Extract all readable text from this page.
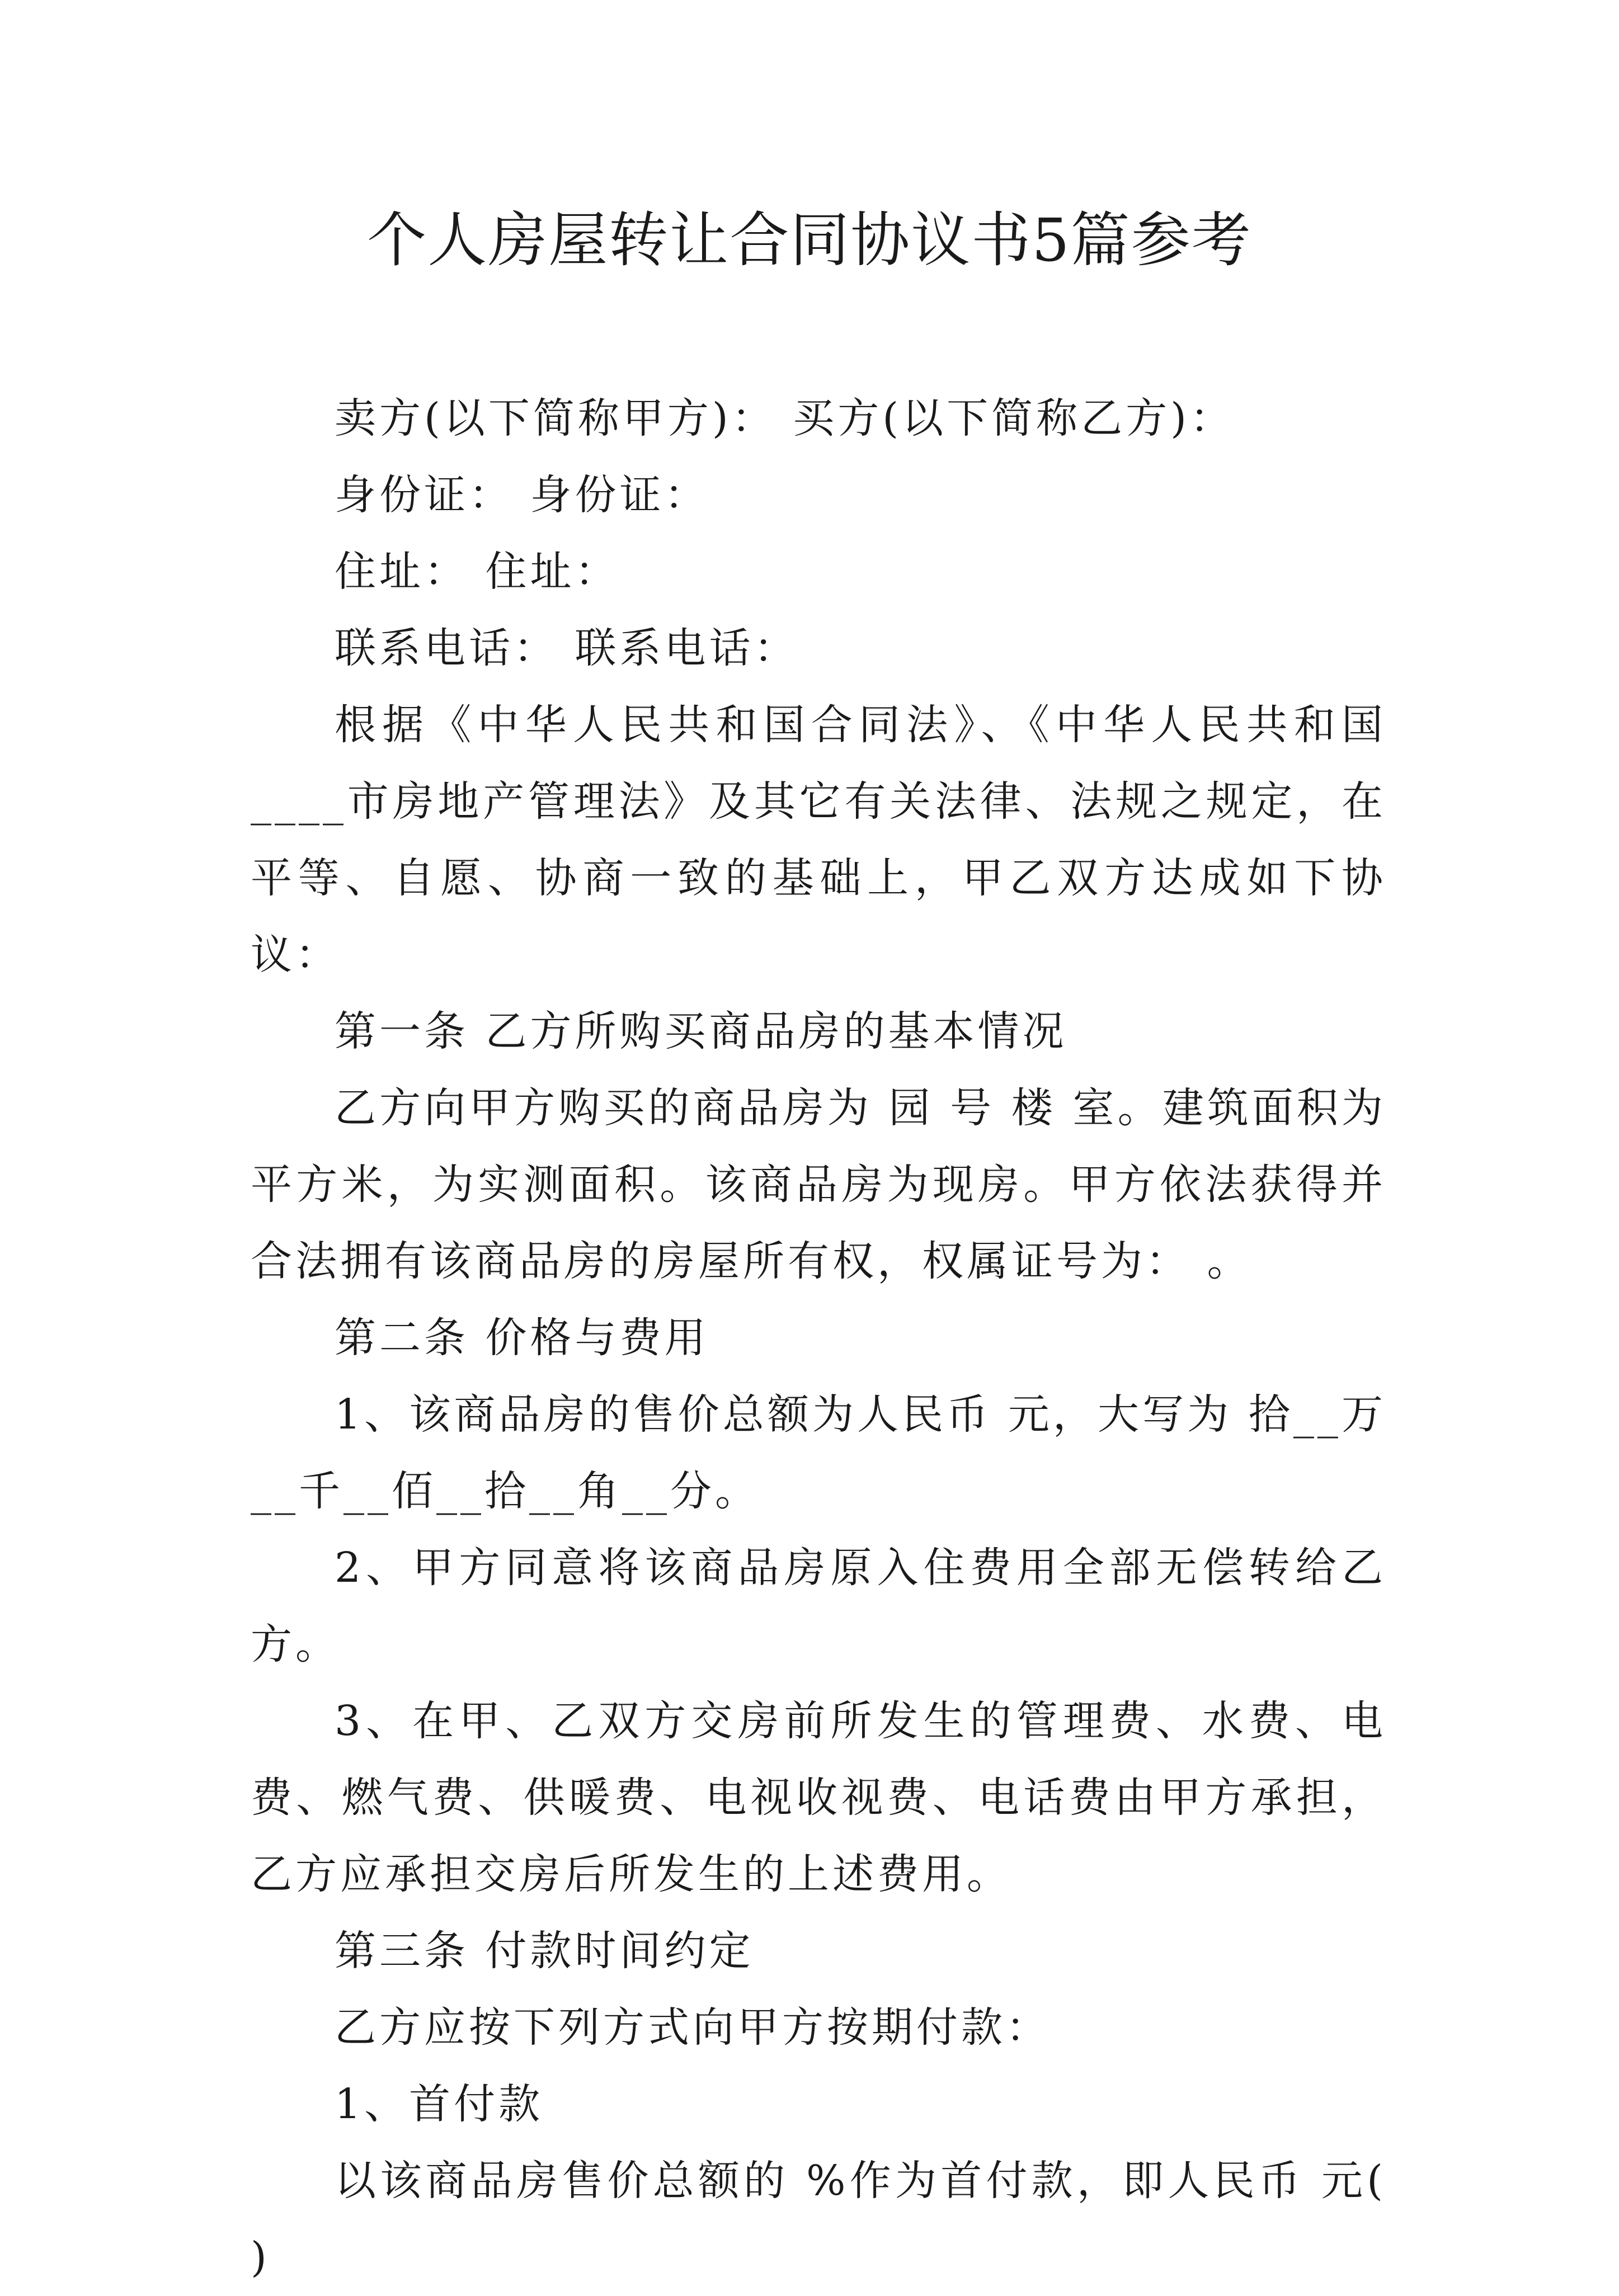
个人房屋转让合同协议书5篇参考

卖方(以下简称甲方)： 买方(以下简称乙方)：

身份证： 身份证：

住址： 住址：

联系电话： 联系电话：

根据《中华人民共和国合同法》、《中华人民共和国____市房地产管理法》及其它有关法律、法规之规定，在平等、自愿、协商一致的基础上，甲乙双方达成如下协议：

第一条 乙方所购买商品房的基本情况

乙方向甲方购买的商品房为 园 号 楼 室。建筑面积为 平方米，为实测面积。该商品房为现房。甲方依法获得并合法拥有该商品房的房屋所有权，权属证号为： 。

第二条 价格与费用

1、该商品房的售价总额为人民币 元，大写为 拾__万__千__佰__拾__角__分。

2、甲方同意将该商品房原入住费用全部无偿转给乙方。

3、在甲、乙双方交房前所发生的管理费、水费、电费、燃气费、供暖费、电视收视费、电话费由甲方承担，乙方应承担交房后所发生的上述费用。

第三条 付款时间约定

乙方应按下列方式向甲方按期付款：

1、首付款

以该商品房售价总额的 %作为首付款，即人民币 元( )
